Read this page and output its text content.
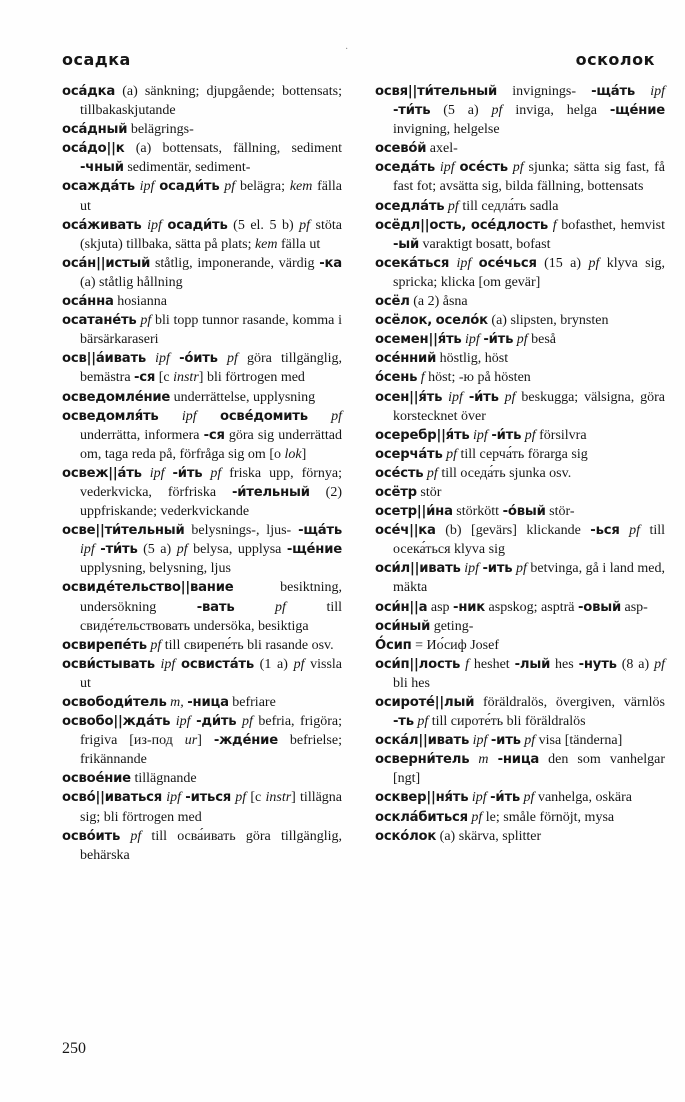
осадка
·
осколок

оса́дка (a) sänkning; djupgående; bottensats; tillbakaskjutande

оса́дный belägrings-

оса́до||к (a) bottensats, fällning, sediment -чный sedimentär, sediment-

осажда́ть ipf осади́ть pf belägra; kem fälla ut

оса́живать ipf осади́ть (5 el. 5 b) pf stöta (skjuta) tillbaka, sätta på plats; kem fälla ut

оса́н||истый ståtlig, imponerande, värdig -ка (a) ståtlig hållning

оса́нна hosianna

осатане́ть pf bli topp tunnor rasande, komma i bärsärkaraseri

осв||а́ивать ipf -о́ить pf göra tillgänglig, bemästra -ся [c instr] bli förtrogen med

осведомле́ние underrättelse, upplysning

осведомля́ть ipf осве́домить pf underrätta, informera -ся göra sig underrättad om, taga reda på, förfråga sig om [o lok]

освеж||а́ть ipf -и́ть pf friska upp, förnya; vederkvicka, förfriska -и́тельный (2) uppfriskande; vederkvickande

осве||ти́тельный belysnings-, ljus- -ща́ть ipf -ти́ть (5 a) pf belysa, upplysa -ще́ние upplysning, belysning, ljus

освиде́тельство||вание besiktning, undersökning -вать	pf till свиде́тельствовать undersöka, besiktiga

освирепе́ть pf till свирепе́ть bli rasande osv.

осви́стывать ipf освиста́ть (1 a) pf vissla ut

освободи́тель m, -ница befriare

освобо||жда́ть ipf -ди́ть pf befria, frigöra; frigiva [из-под ur] -жде́ние befrielse; frikännande

освое́ние tillägnande

осво́||иваться ipf -иться pf [c instr] tillägna sig; bli förtrogen med

осво́ить pf till осва́ивать göra tillgänglig, behärska

освя||ти́тельный invignings- -ща́ть ipf -ти́ть (5 a) pf inviga, helga -ще́ние invigning, helgelse

осево́й axel-

оседа́ть ipf осе́сть pf sjunka; sätta sig fast, få fast fot; avsätta sig, bilda fällning, bottensats

оседла́ть pf till седла́ть sadla

осёдл||ость, осе́длость f bofasthet, hemvist -ый varaktigt bosatt, bofast

осека́ться ipf осе́чься (15 a) pf klyva sig, spricka; klicka [om gevär]

осёл (a 2) åsna

осёлок, осело́к (a) slipsten, brynsten

осемен||я́ть ipf -и́ть pf beså

осе́нний höstlig, höst

о́сень f höst; -ю på hösten

осен||я́ть ipf -и́ть pf beskugga; välsigna, göra korstecknet över

осеребр||я́ть ipf -и́ть pf försilvra

осерча́ть pf till серча́ть förarga sig

осе́сть pf till оседа́ть sjunka osv.

осётр stör

осетр||и́на störkött -о́вый stör-

осе́ч||ка (b) [gevärs] klickande -ься pf till осека́ться klyva sig

оси́л||ивать ipf -ить pf betvinga, gå i land med, mäkta

оси́н||а asp -ник aspskog; aspträ -овый asp-

оси́ный geting-

О́сип = Ио́сиф Josef

оси́п||лость f heshet -лый hes -нуть (8 a) pf bli hes

осироте́||лый föräldralös, övergiven, värnlös -ть pf till сироте́ть bli föräldralös

оска́л||ивать ipf -ить pf visa [tänderna]

осверни́тель m -ница den som vanhelgar [ngt]

осквер||ня́ть ipf -и́ть pf vanhelga, oskära

оскла́биться pf le; småle förnöjt, mysa

оско́лок (a) skärva, splitter

250
